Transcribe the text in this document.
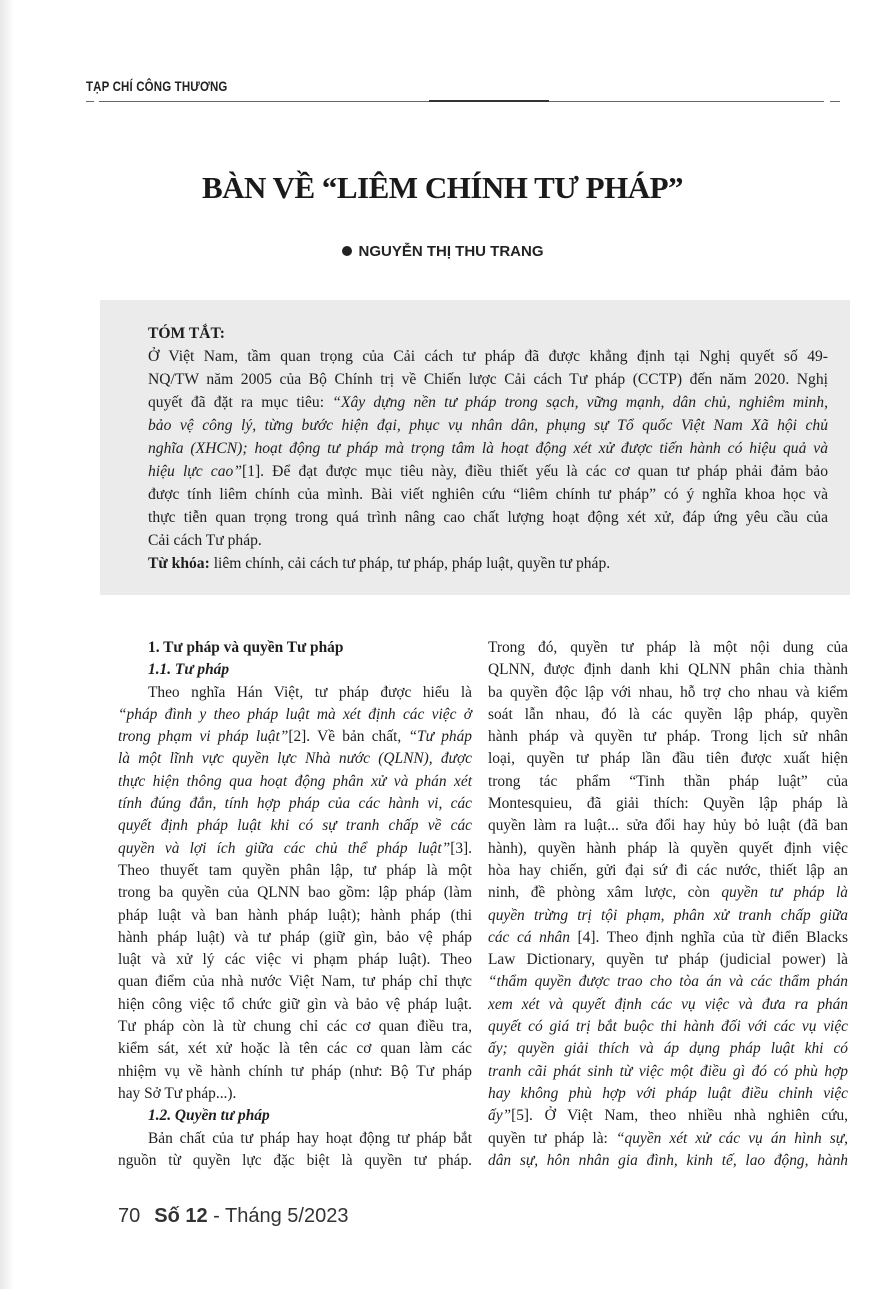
TẠP CHÍ CÔNG THƯƠNG
BÀN VỀ “LIÊM CHÍNH TƯ PHÁP”
NGUYỄN THỊ THU TRANG
TÓM TẮT:
Ở Việt Nam, tầm quan trọng của Cải cách tư pháp đã được khẳng định tại Nghị quyết số 49-
NQ/TW năm 2005 của Bộ Chính trị về Chiến lược Cải cách Tư pháp (CCTP) đến năm 2020. Nghị
quyết đã đặt ra mục tiêu: “Xây dựng nền tư pháp trong sạch, vững mạnh, dân chủ, nghiêm minh,
bảo vệ công lý, từng bước hiện đại, phục vụ nhân dân, phụng sự Tổ quốc Việt Nam Xã hội chủ
nghĩa (XHCN); hoạt động tư pháp mà trọng tâm là hoạt động xét xử được tiến hành có hiệu quả và
hiệu lực cao”[1]. Để đạt được mục tiêu này, điều thiết yếu là các cơ quan tư pháp phải đảm bảo
được tính liêm chính của mình. Bài viết nghiên cứu “liêm chính tư pháp” có ý nghĩa khoa học và
thực tiễn quan trọng trong quá trình nâng cao chất lượng hoạt động xét xử, đáp ứng yêu cầu của
Cải cách Tư pháp.
Từ khóa: liêm chính, cải cách tư pháp, tư pháp, pháp luật, quyền tư pháp.
1. Tư pháp và quyền Tư pháp
1.1. Tư pháp
Theo nghĩa Hán Việt, tư pháp được hiểu là
“pháp đình y theo pháp luật mà xét định các việc ở
trong phạm vi pháp luật”[2]. Về bản chất, “Tư pháp
là một lĩnh vực quyền lực Nhà nước (QLNN), được
thực hiện thông qua hoạt động phân xử và phán xét
tính đúng đắn, tính hợp pháp của các hành vi, các
quyết định pháp luật khi có sự tranh chấp về các
quyền và lợi ích giữa các chủ thể pháp luật”[3].
Theo thuyết tam quyền phân lập, tư pháp là một
trong ba quyền của QLNN bao gồm: lập pháp (làm
pháp luật và ban hành pháp luật); hành pháp (thi
hành pháp luật) và tư pháp (giữ gìn, bảo vệ pháp
luật và xử lý các việc vi phạm pháp luật). Theo
quan điểm của nhà nước Việt Nam, tư pháp chỉ thực
hiện công việc tổ chức giữ gìn và bảo vệ pháp luật.
Tư pháp còn là từ chung chỉ các cơ quan điều tra,
kiểm sát, xét xử hoặc là tên các cơ quan làm các
nhiệm vụ về hành chính tư pháp (như: Bộ Tư pháp
hay Sở Tư pháp...).
1.2. Quyền tư pháp
Bản chất của tư pháp hay hoạt động tư pháp bắt
nguồn từ quyền lực đặc biệt là quyền tư pháp.
Trong đó, quyền tư pháp là một nội dung của
QLNN, được định danh khi QLNN phân chia thành
ba quyền độc lập với nhau, hỗ trợ cho nhau và kiểm
soát lẫn nhau, đó là các quyền lập pháp, quyền
hành pháp và quyền tư pháp. Trong lịch sử nhân
loại, quyền tư pháp lần đầu tiên được xuất hiện
trong tác phẩm “Tinh thần pháp luật” của
Montesquieu, đã giải thích: Quyền lập pháp là
quyền làm ra luật... sửa đổi hay hủy bỏ luật (đã ban
hành), quyền hành pháp là quyền quyết định việc
hòa hay chiến, gửi đại sứ đi các nước, thiết lập an
ninh, đề phòng xâm lược, còn quyền tư pháp là
quyền trừng trị tội phạm, phân xử tranh chấp giữa
các cá nhân [4]. Theo định nghĩa của từ điển Blacks
Law Dictionary, quyền tư pháp (judicial power) là
“thẩm quyền được trao cho tòa án và các thẩm phán
xem xét và quyết định các vụ việc và đưa ra phán
quyết có giá trị bắt buộc thi hành đối với các vụ việc
ấy; quyền giải thích và áp dụng pháp luật khi có
tranh cãi phát sinh từ việc một điều gì đó có phù hợp
hay không phù hợp với pháp luật điều chỉnh việc
ấy”[5]. Ở Việt Nam, theo nhiều nhà nghiên cứu,
quyền tư pháp là: “quyền xét xử các vụ án hình sự,
dân sự, hôn nhân gia đình, kinh tế, lao động, hành
70 Số 12 - Tháng 5/2023
